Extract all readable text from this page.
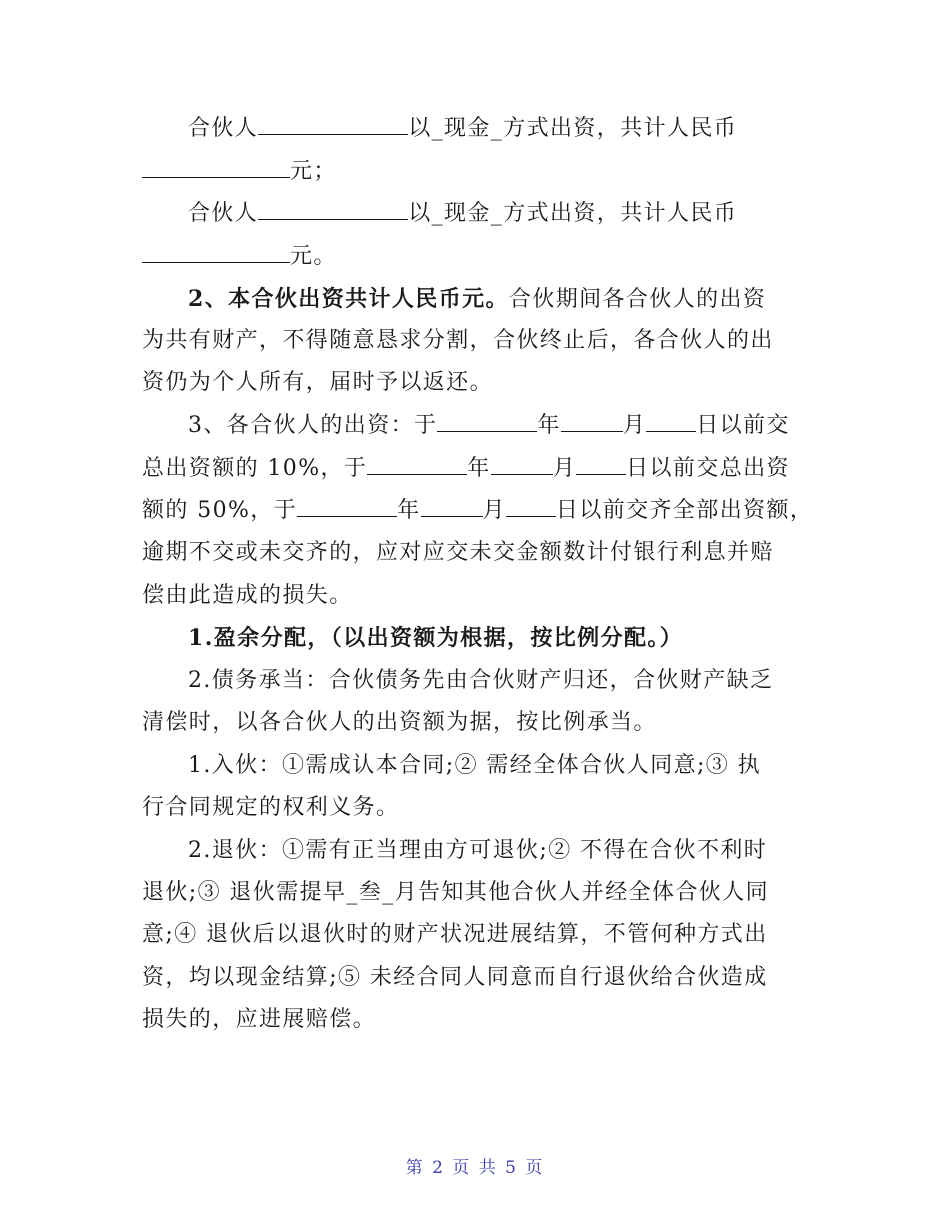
合伙人	以_现金_方式出资，共计人民币
元；
合伙人	以_现金_方式出资，共计人民币
元。
2、本合伙出资共计人民币元。合伙期间各合伙人的出资
为共有财产，不得随意恳求分割，合伙终止后，各合伙人的出
资仍为个人所有，届时予以返还。
3、各合伙人的出资：于	年	月 日以前交
总出资额的 10%，于	年	月 日以前交总出资
额的 50%，于	年	月 日以前交齐全部出资额，
逾期不交或未交齐的，应对应交未交金额数计付银行利息并赔
偿由此造成的损失。
1.盈余分配，（以出资额为根据，按比例分配。）
2.债务承当：合伙债务先由合伙财产归还，合伙财产缺乏
清偿时，以各合伙人的出资额为据，按比例承当。
1.入伙：①需成认本合同;② 需经全体合伙人同意;③ 执
行合同规定的权利义务。
2.退伙：①需有正当理由方可退伙;② 不得在合伙不利时
退伙;③ 退伙需提早_叁_月告知其他合伙人并经全体合伙人同
意;④ 退伙后以退伙时的财产状况进展结算，不管何种方式出
资，均以现金结算;⑤ 未经合同人同意而自行退伙给合伙造成
损失的，应进展赔偿。
第 2 页 共 5 页
